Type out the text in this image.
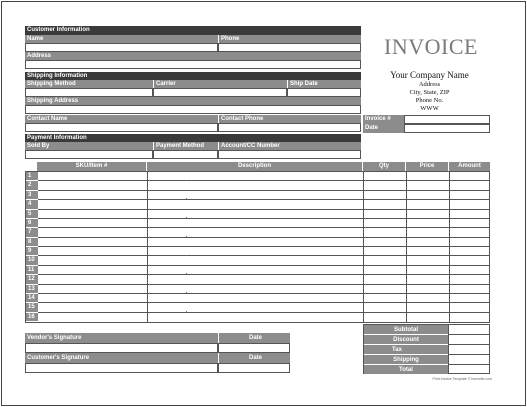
Customer Information
Name	Phone
Address
Shipping Information
Shipping Method	Carrier	Ship Date
Shipping Address
Contact Name	Contact Phone
Payment Information
Sold By	Payment Method	Account/CC Number
INVOICE
Your Company Name
Address
City, State, ZIP
Phone No.
WWW
Invoice #
Date
SKU/Item #	Description	Qty	Price	Amount
1
2
3
4
5
6
7
8
9
10
11
12
13
14
15
16
Vendor's Signature	Date
Customer's Signature	Date
Subtotal
Discount
Tax
Shipping
Total
Print Invoice Template © formville.com
